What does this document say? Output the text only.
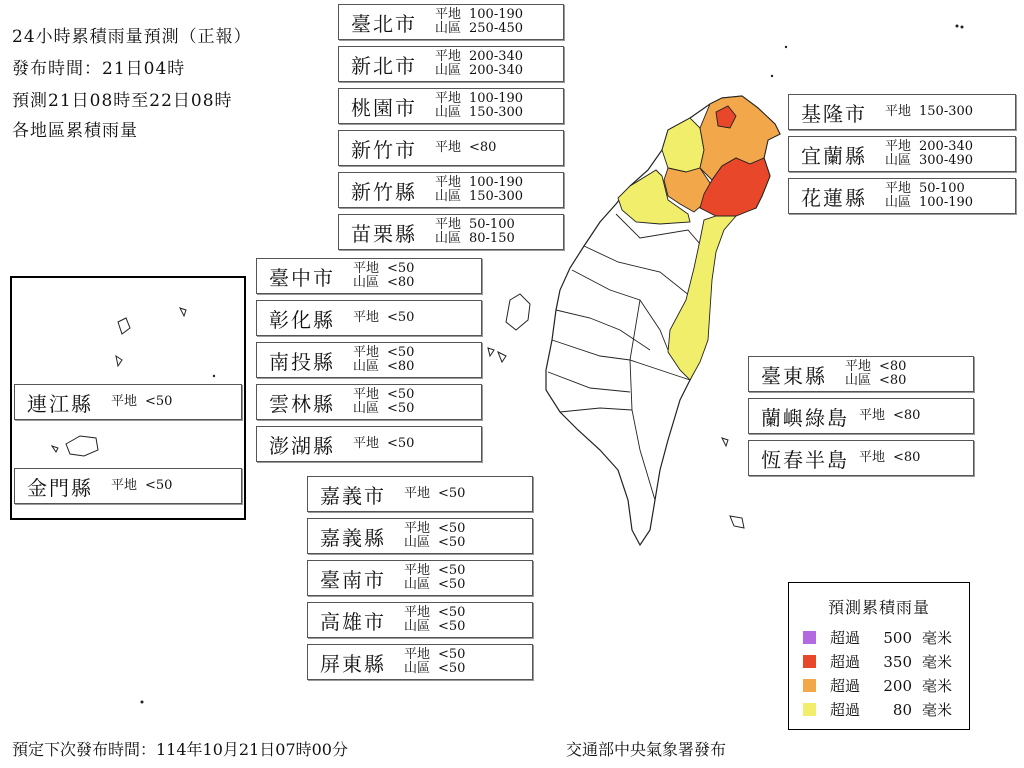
24小時累積雨量預測（正報）
發布時間：21日04時
預測21日08時至22日08時
各地區累積雨量
臺北市	平地 100-190
山區 250-450
新北市	平地 200-340
山區 200-340
桃園市	平地 100-190
山區 150-300
新竹市	平地 <80
新竹縣	平地 100-190
山區 150-300
苗栗縣	平地 50-100
山區 80-150
臺中市	平地 <50
山區 <80
彰化縣	平地 <50
南投縣	平地 <50
山區 <80
雲林縣	平地 <50
山區 <50
澎湖縣	平地 <50
嘉義市	平地 <50
嘉義縣	平地 <50
山區 <50
臺南市	平地 <50
山區 <50
高雄市	平地 <50
山區 <50
屏東縣	平地 <50
山區 <50
基隆市	平地 150-300
宜蘭縣	平地 200-340
山區 300-490
花蓮縣	平地 50-100
山區 100-190
臺東縣	平地 <80
山區 <80
蘭嶼綠島 平地 <80
恆春半島 平地 <80
連江縣	平地 <50
金門縣	平地 <50
預測累積雨量
超過	500 毫米
超過	350 毫米
超過	200 毫米
超過	80 毫米
預定下次發布時間：114年10月21日07時00分	交通部中央氣象署發布
